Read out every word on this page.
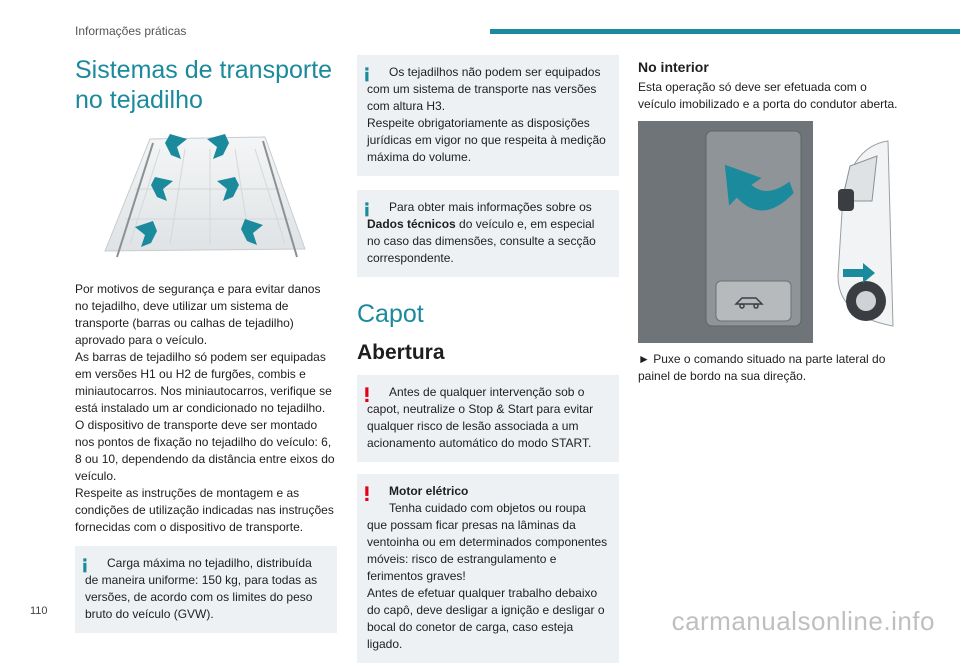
Informações práticas
Sistemas de transporte no tejadilho

Por motivos de segurança e para evitar danos no tejadilho, deve utilizar um sistema de transporte (barras ou calhas de tejadilho) aprovado para o veículo.

As barras de tejadilho só podem ser equipadas em versões H1 ou H2 de furgões, combis e miniautocarros. Nos miniautocarros, verifique se está instalado um ar condicionado no tejadilho.

O dispositivo de transporte deve ser montado nos pontos de fixação no tejadilho do veículo: 6, 8 ou 10, dependendo da distância entre eixos do veículo.

Respeite as instruções de montagem e as condições de utilização indicadas nas instruções fornecidas com o dispositivo de transporte.

Carga máxima no tejadilho, distribuída de maneira uniforme: 150 kg, para todas as versões, de acordo com os limites do peso bruto do veículo (GVW).

Os tejadilhos não podem ser equipados com um sistema de transporte nas versões com altura H3.

Respeite obrigatoriamente as disposições jurídicas em vigor no que respeita à medição máxima do volume.

Para obter mais informações sobre os Dados técnicos do veículo e, em especial no caso das dimensões, consulte a secção correspondente.

Capot
Abertura

Antes de qualquer intervenção sob o capot, neutralize o Stop & Start para evitar qualquer risco de lesão associada a um acionamento automático do modo START.

Motor elétrico

Tenha cuidado com objetos ou roupa que possam ficar presas na lâminas da ventoinha ou em determinados componentes móveis: risco de estrangulamento e ferimentos graves!

Antes de efetuar qualquer trabalho debaixo do capô, deve desligar a ignição e desligar o bocal do conetor de carga, caso esteja ligado.

No interior

Esta operação só deve ser efetuada com o veículo imobilizado e a porta do condutor aberta.

► Puxe o comando situado na parte lateral do painel de bordo na sua direção.

110	carmanualsonline.info
